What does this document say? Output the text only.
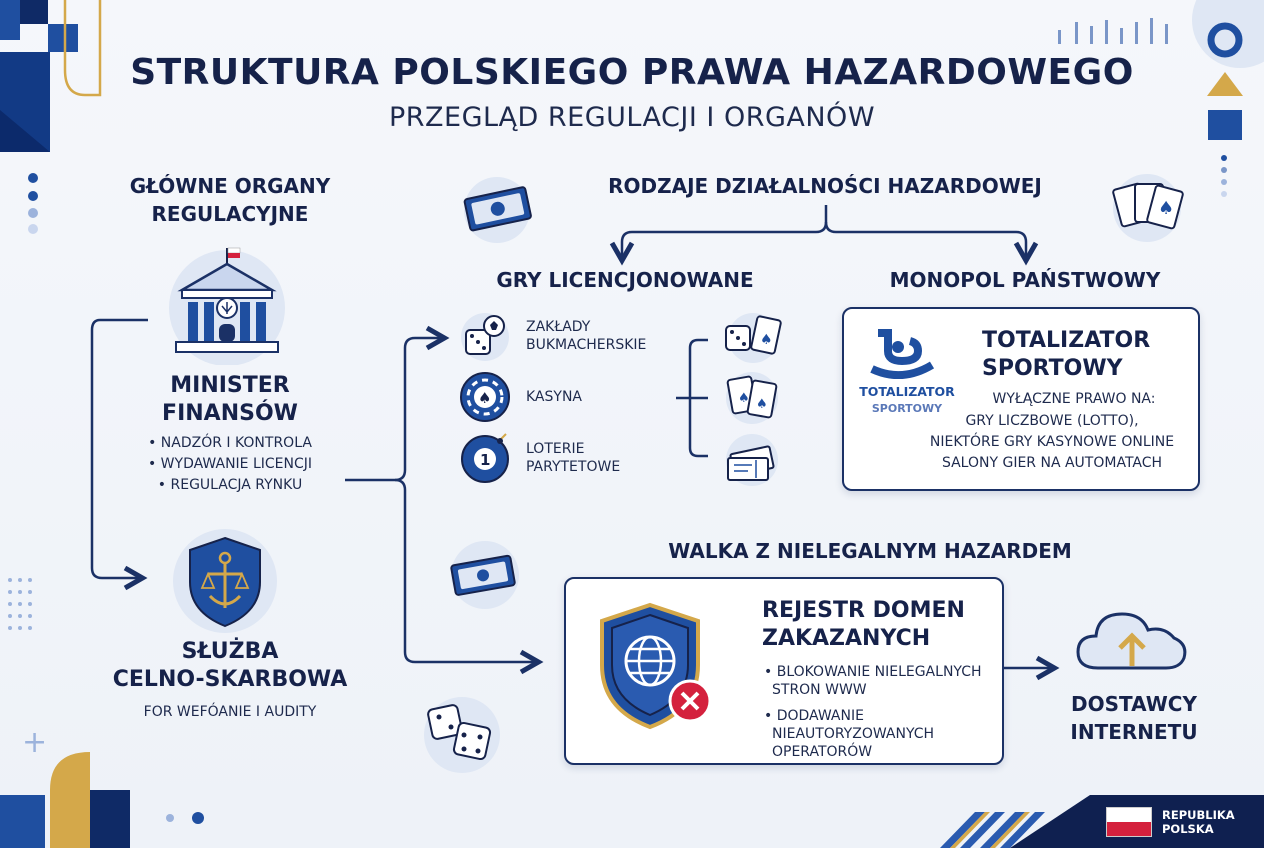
+
STRUKTURA POLSKIEGO PRAWA HAZARDOWEGO
PRZEGLĄD REGULACJI I ORGANÓW
GŁÓWNE ORGANY
REGULACYJNE
MINISTER
FINANSÓW
• NADZÓR I KONTROLA
• WYDAWANIE LICENCJI
• REGULACJA RYNKU
SŁUŻBA
CELNO-SKARBOWA
FOR WEFÓANIE I AUDITY
♠
RODZAJE DZIAŁALNOŚCI HAZARDOWEJ
GRY LICENCJONOWANE
ZAKŁADY
BUKMACHERSKIE
♠ KASYNA
1
LOTERIE
PARYTETOWE
♠
♠ ♠
MONOPOL PAŃSTWOWY
TOTALIZATOR
SPORTOWY
TOTALIZATOR
SPORTOWY
WYŁĄCZNE PRAWO NA:
GRY LICZBOWE (LOTTO),
NIEKTÓRE GRY KASYNOWE ONLINE
SALONY GIER NA AUTOMATACH
WALKA Z NIELEGALNYM HAZARDEM
REJESTR DOMEN
ZAKAZANYCH
• BLOKOWANIE NIELEGALNYCH
STRON WWW
• DODAWANIE
NIEAUTORYZOWANYCH
OPERATORÓW
DOSTAWCY
INTERNETU
REPUBLIKA
POLSKA
